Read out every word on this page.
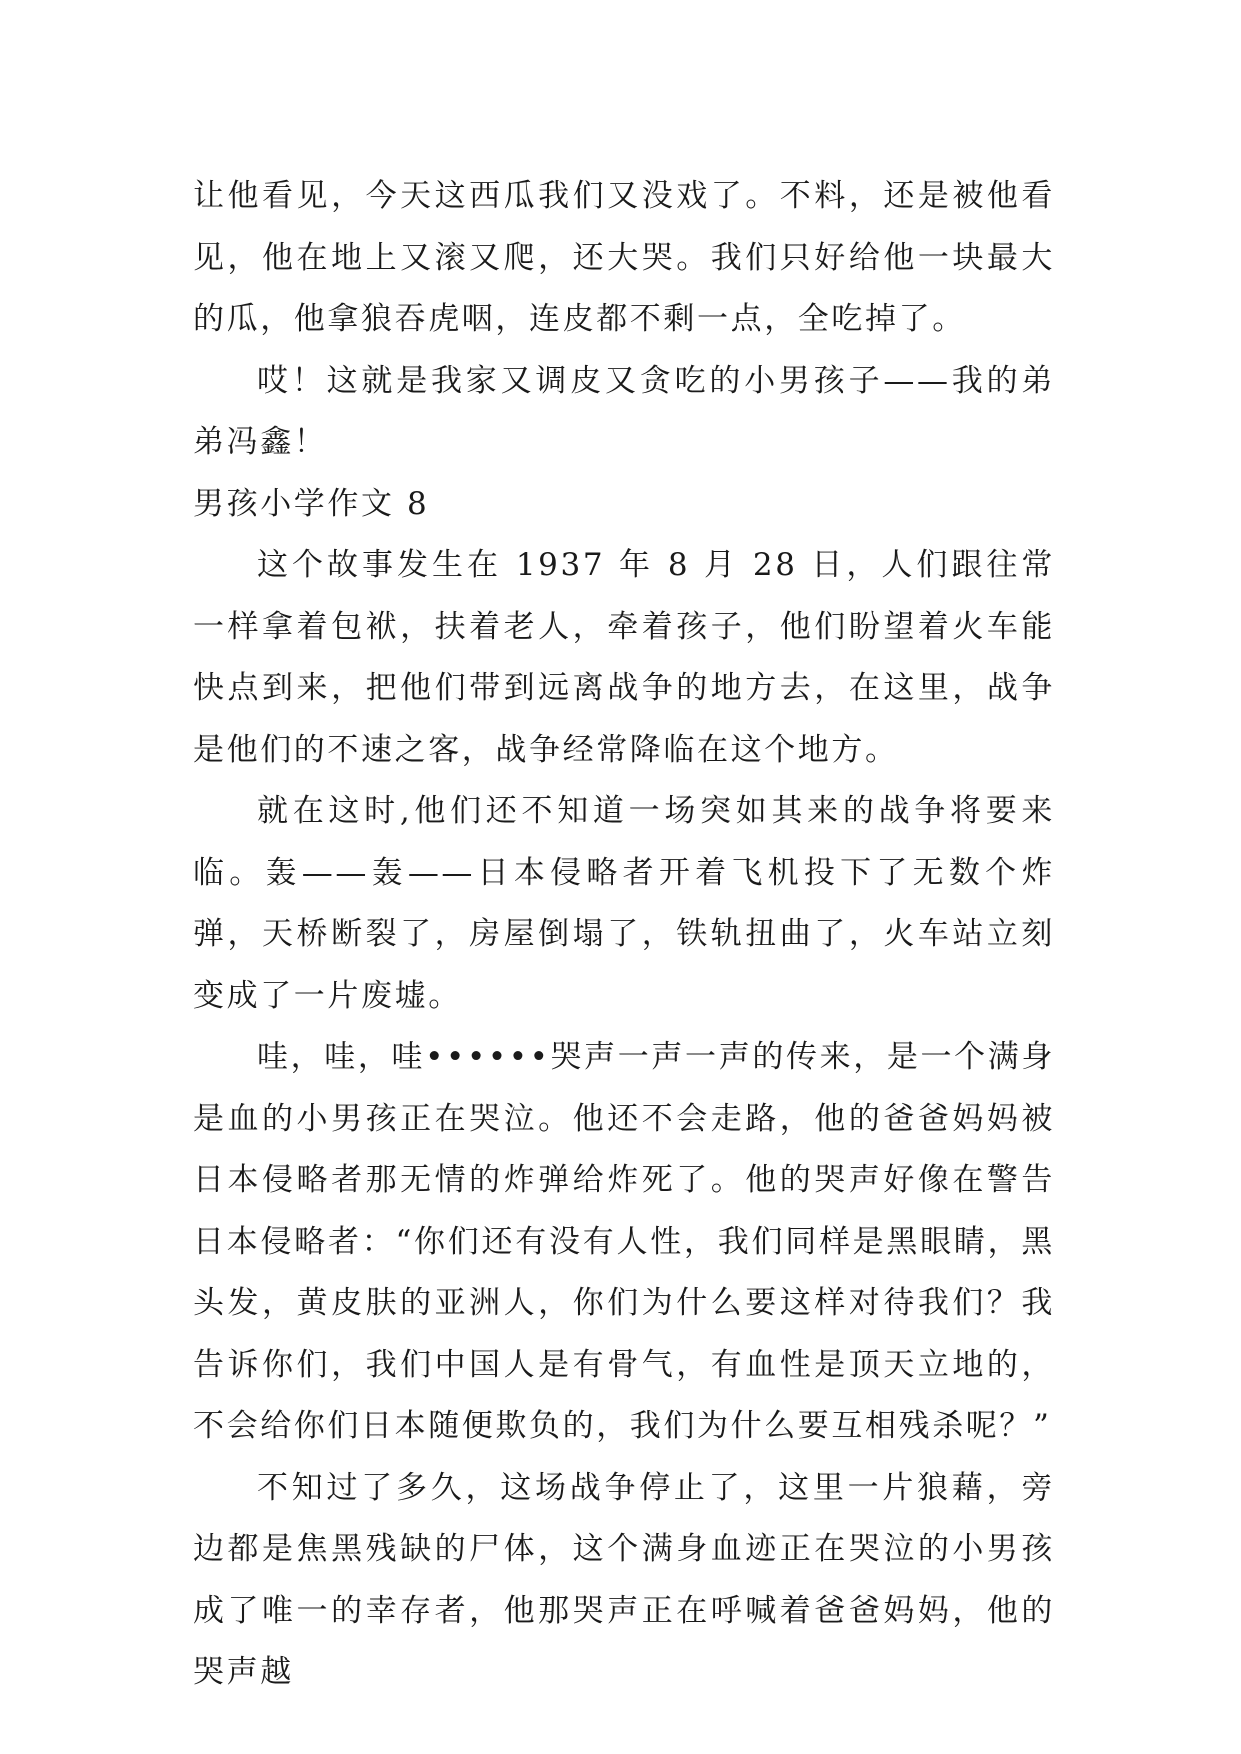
让他看见，今天这西瓜我们又没戏了。不料，还是被他看见，他在地上又滚又爬，还大哭。我们只好给他一块最大的瓜，他拿狼吞虎咽，连皮都不剩一点，全吃掉了。

哎！这就是我家又调皮又贪吃的小男孩子——我的弟弟冯鑫！

男孩小学作文 8

这个故事发生在 1937 年 8 月 28 日，人们跟往常一样拿着包袱，扶着老人，牵着孩子，他们盼望着火车能快点到来，把他们带到远离战争的地方去，在这里，战争是他们的不速之客，战争经常降临在这个地方。

就在这时,他们还不知道一场突如其来的战争将要来临。轰——轰——日本侵略者开着飞机投下了无数个炸弹，天桥断裂了，房屋倒塌了，铁轨扭曲了，火车站立刻变成了一片废墟。

哇，哇，哇••••••哭声一声一声的传来，是一个满身是血的小男孩正在哭泣。他还不会走路，他的爸爸妈妈被日本侵略者那无情的炸弹给炸死了。他的哭声好像在警告日本侵略者：“你们还有没有人性，我们同样是黑眼睛，黑头发，黄皮肤的亚洲人，你们为什么要这样对待我们？我告诉你们，我们中国人是有骨气，有血性是顶天立地的，不会给你们日本随便欺负的，我们为什么要互相残杀呢？”

不知过了多久，这场战争停止了，这里一片狼藉，旁边都是焦黑残缺的尸体，这个满身血迹正在哭泣的小男孩成了唯一的幸存者，他那哭声正在呼喊着爸爸妈妈，他的哭声越
